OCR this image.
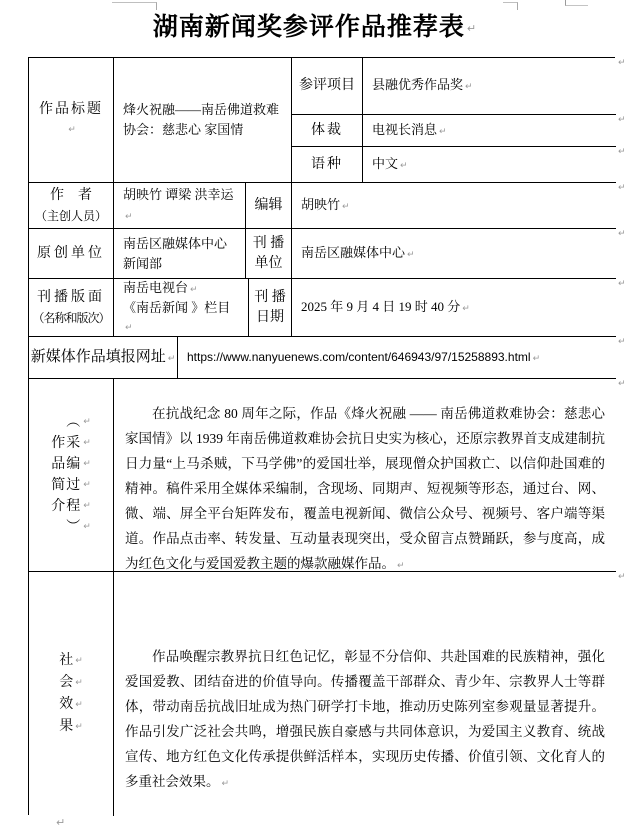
湖南新闻奖参评作品推荐表 ↵
作品标题
↵
烽火祝融——南岳佛道救难协会：慈悲心 家国情
参评项目 县融优秀作品奖 ↵
体裁 电视长消息 ↵
语种 中文 ↵
作　者
（主创人员）
胡映竹 谭梁 洪幸运↵
编辑 胡映竹 ↵
原创单位
南岳区融媒体中心新闻部
刊 播
单位
南岳区融媒体中心 ↵
刊播版面
（名称和版次）
南岳电视台 ↵
《南岳新闻 》栏目↵
刊 播
日期
2025 年 9 月 4 日 19 时 40 分 ↵
新媒体作品填报网址 ↵ https://www.nanyuenews.com/content/646943/97/15258893.html ↵
　︵ ↵
作采 ↵
品编 ↵
简过 ↵
介程 ↵
　︶ ↵
在抗战纪念 80 周年之际，作品《烽火祝融 —— 南岳佛道救难协会：慈悲心 家国情》以 1939 年南岳佛道救难协会抗日史实为核心，还原宗教界首支成建制抗日力量“上马杀贼，下马学佛”的爱国壮举，展现僧众护国救亡、以信仰赴国难的精神。稿件采用全媒体采编制，含现场、同期声、短视频等形态，通过台、网、微、端、屏全平台矩阵发布，覆盖电视新闻、微信公众号、视频号、客户端等渠道。作品点击率、转发量、互动量表现突出，受众留言点赞踊跃，参与度高，成为红色文化与爱国爱教主题的爆款融媒作品。 ↵
社 ↵
会 ↵
效 ↵
果 ↵
作品唤醒宗教界抗日红色记忆，彰显不分信仰、共赴国难的民族精神，强化爱国爱教、团结奋进的价值导向。传播覆盖干部群众、青少年、宗教界人士等群体，带动南岳抗战旧址成为热门研学打卡地，推动历史陈列室参观量显著提升。作品引发广泛社会共鸣，增强民族自豪感与共同体意识，为爱国主义教育、统战宣传、地方红色文化传承提供鲜活样本，实现历史传播、价值引领、文化育人的多重社会效果。 ↵
↵
↵
↵
↵
↵
↵
↵
↵
↵
↵
